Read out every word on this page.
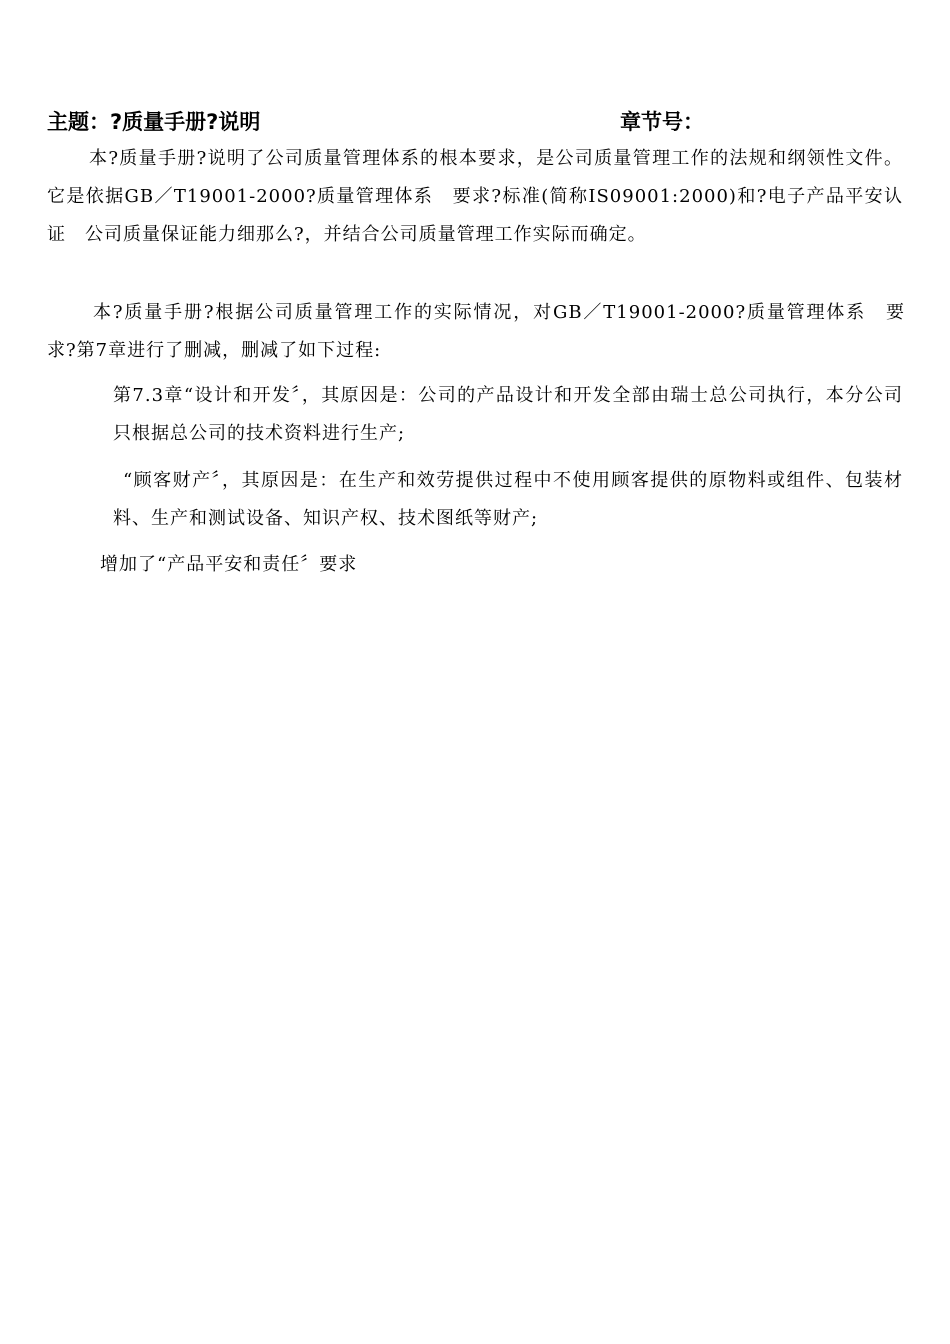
主题：?质量手册?说明	章节号：

本?质量手册?说明了公司质量管理体系的根本要求，是公司质量管理工作的法规和纲领性文件。它是依据GB／T19001-2000?质量管理体系　要求?标准(简称IS09001:2000)和?电子产品平安认证　公司质量保证能力细那么?，并结合公司质量管理工作实际而确定。

本?质量手册?根据公司质量管理工作的实际情况，对GB／T19001-2000?质量管理体系　要求?第7章进行了删减，删减了如下过程:

第7.3章“设计和开发〞，其原因是：公司的产品设计和开发全部由瑞士总公司执行，本分公司只根据总公司的技术资料进行生产;

“顾客财产〞，其原因是：在生产和效劳提供过程中不使用顾客提供的原物料或组件、包装材料、生产和测试设备、知识产权、技术图纸等财产;

增加了“产品平安和责任〞要求
